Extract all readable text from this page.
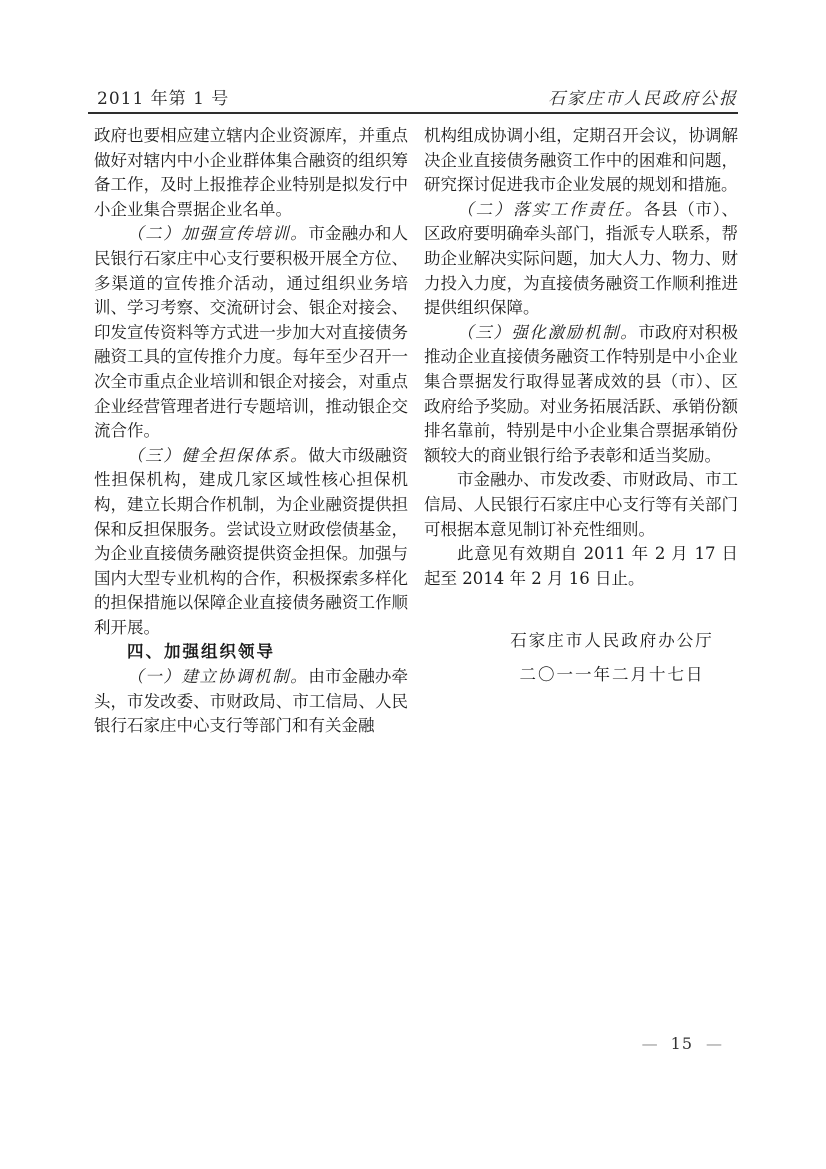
2011 年第 1 号	石家庄市人民政府公报

政府也要相应建立辖内企业资源库，并重点做好对辖内中小企业群体集合融资的组织筹备工作，及时上报推荐企业特别是拟发行中小企业集合票据企业名单。

（二）加强宣传培训。市金融办和人民银行石家庄中心支行要积极开展全方位、多渠道的宣传推介活动，通过组织业务培训、学习考察、交流研讨会、银企对接会、印发宣传资料等方式进一步加大对直接债务融资工具的宣传推介力度。每年至少召开一次全市重点企业培训和银企对接会，对重点企业经营管理者进行专题培训，推动银企交流合作。

（三）健全担保体系。做大市级融资性担保机构，建成几家区域性核心担保机构，建立长期合作机制，为企业融资提供担保和反担保服务。尝试设立财政偿债基金，为企业直接债务融资提供资金担保。加强与国内大型专业机构的合作，积极探索多样化的担保措施以保障企业直接债务融资工作顺利开展。

四、加强组织领导

（一）建立协调机制。由市金融办牵头，市发改委、市财政局、市工信局、人民银行石家庄中心支行等部门和有关金融

机构组成协调小组，定期召开会议，协调解决企业直接债务融资工作中的困难和问题，研究探讨促进我市企业发展的规划和措施。

（二）落实工作责任。各县（市）、区政府要明确牵头部门，指派专人联系，帮助企业解决实际问题，加大人力、物力、财力投入力度，为直接债务融资工作顺利推进提供组织保障。

（三）强化激励机制。市政府对积极推动企业直接债务融资工作特别是中小企业集合票据发行取得显著成效的县（市）、区政府给予奖励。对业务拓展活跃、承销份额排名靠前，特别是中小企业集合票据承销份额较大的商业银行给予表彰和适当奖励。

市金融办、市发改委、市财政局、市工信局、人民银行石家庄中心支行等有关部门可根据本意见制订补充性细则。

此意见有效期自 2011 年 2 月 17 日起至 2014 年 2 月 16 日止。

石家庄市人民政府办公厅

二〇一一年二月十七日

— 15 —
